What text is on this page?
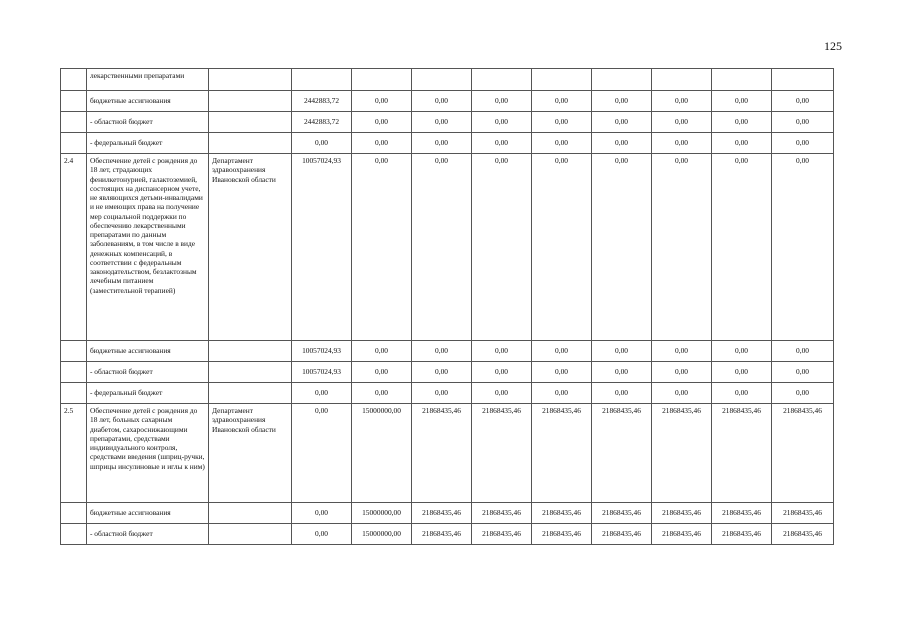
125
	лекарственными препаратами										
	бюджетные ассигнования		2442883,72	0,00	0,00	0,00	0,00	0,00	0,00	0,00	0,00
	- областной бюджет		2442883,72	0,00	0,00	0,00	0,00	0,00	0,00	0,00	0,00
	- федеральный бюджет		0,00	0,00	0,00	0,00	0,00	0,00	0,00	0,00	0,00
2.4	Обеспечение детей с рождения до 18 лет, страдающих фенилкетонурией, галактоземией, состоящих на диспансерном учете, не являющихся детьми-инвалидами и не имеющих права на получение мер социальной поддержки по обеспечению лекарственными препаратами по данным заболеваниям, в том числе в виде денежных компенсаций, в соответствии с федеральным законодательством, безлактозным лечебным питанием (заместительной терапией)	Департамент здравоохранения Ивановской области	10057024,93	0,00	0,00	0,00	0,00	0,00	0,00	0,00	0,00
	бюджетные ассигнования		10057024,93	0,00	0,00	0,00	0,00	0,00	0,00	0,00	0,00
	- областной бюджет		10057024,93	0,00	0,00	0,00	0,00	0,00	0,00	0,00	0,00
	- федеральный бюджет		0,00	0,00	0,00	0,00	0,00	0,00	0,00	0,00	0,00
2.5	Обеспечение детей с рождения до 18 лет, больных сахарным диабетом, сахароснижающими препаратами, средствами индивидуального контроля, средствами введения (шприц-ручки, шприцы инсулиновые и иглы к ним)	Департамент здравоохранения Ивановской области	0,00	15000000,00	21868435,46	21868435,46	21868435,46	21868435,46	21868435,46	21868435,46	21868435,46
	бюджетные ассигнования		0,00	15000000,00	21868435,46	21868435,46	21868435,46	21868435,46	21868435,46	21868435,46	21868435,46
	- областной бюджет		0,00	15000000,00	21868435,46	21868435,46	21868435,46	21868435,46	21868435,46	21868435,46	21868435,46
